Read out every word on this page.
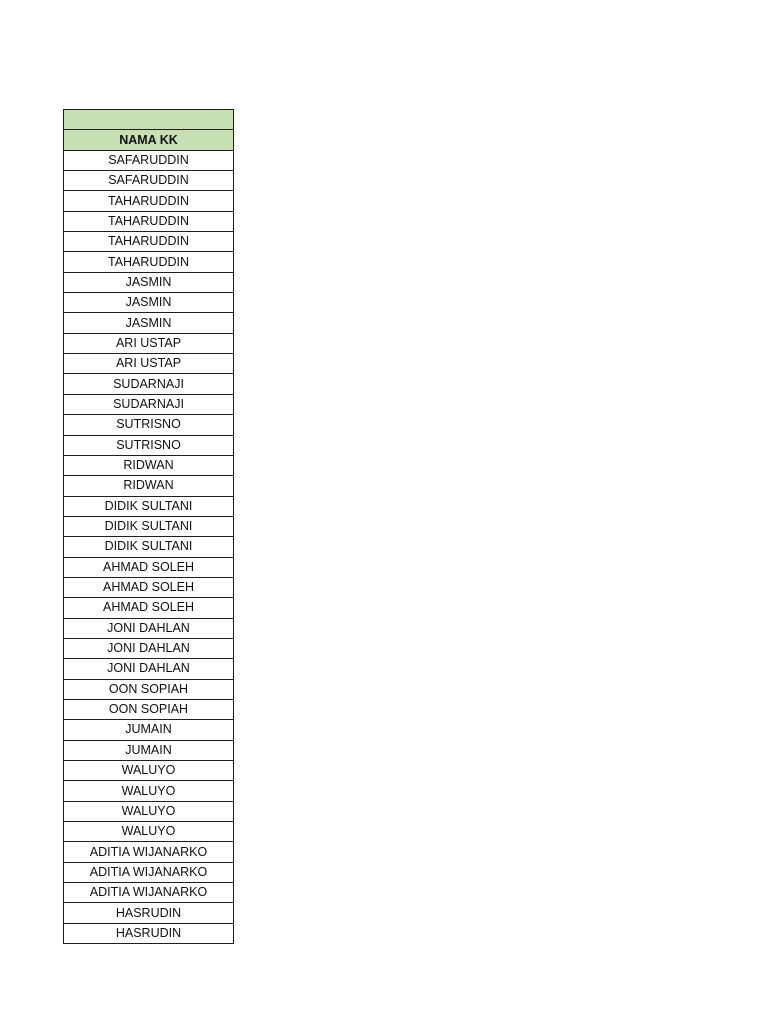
NAMA KK
SAFARUDDIN
SAFARUDDIN
TAHARUDDIN
TAHARUDDIN
TAHARUDDIN
TAHARUDDIN
JASMIN
JASMIN
JASMIN
ARI USTAP
ARI USTAP
SUDARNAJI
SUDARNAJI
SUTRISNO
SUTRISNO
RIDWAN
RIDWAN
DIDIK SULTANI
DIDIK SULTANI
DIDIK SULTANI
AHMAD SOLEH
AHMAD SOLEH
AHMAD SOLEH
JONI DAHLAN
JONI DAHLAN
JONI DAHLAN
OON SOPIAH
OON SOPIAH
JUMAIN
JUMAIN
WALUYO
WALUYO
WALUYO
WALUYO
ADITIA WIJANARKO
ADITIA WIJANARKO
ADITIA WIJANARKO
HASRUDIN
HASRUDIN
